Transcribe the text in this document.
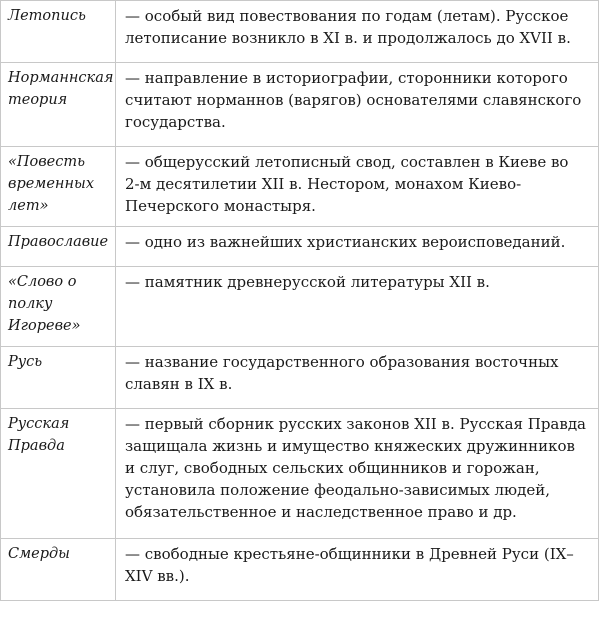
Летопись	— особый вид повествования по годам (летам). Русское летописание возникло в XI в. и продолжалось до XVII в.
Норманнская теория	— направление в историографии, сторонники которого считают норманнов (варягов) основателями славянского государства.
«Повесть временных лет»	— общерусский летописный свод, составлен в Киеве во 2-м десятилетии XII в. Нестором, монахом Киево-Печерского монастыря.
Православие	— одно из важнейших христианских вероисповеданий.
«Слово о полку Игореве»	— памятник древнерусской литературы XII в.
Русь	— название государственного образования восточных славян в IX в.
Русская Правда	— первый сборник русских законов XII в. Русская Правда защищала жизнь и имущество княжеских дружинников и слуг, свободных сельских общинников и горожан, установила положение феодально-зависимых людей, обязательственное и наследственное право и др.
Смерды	— свободные крестьяне-общинники в Древней Руси (IX–XIV вв.).
